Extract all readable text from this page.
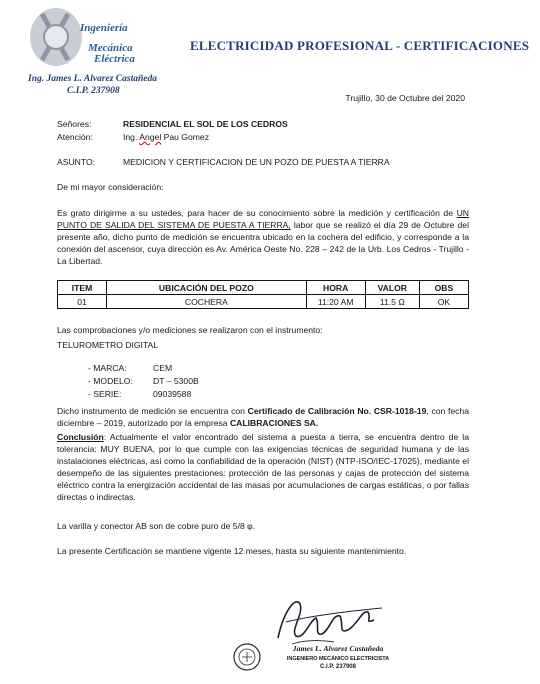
Ingeniería
Mecánica
Eléctrica
ELECTRICIDAD PROFESIONAL - CERTIFICACIONES
Ing. James L. Alvarez Castañeda
C.I.P. 237908
Trujillo, 30 de Octubre del 2020
Señores:	RESIDENCIAL EL SOL DE LOS CEDROS
Atención:	Ing. Angel Pau Gomez
ASUNTO:	MEDICION Y CERTIFICACION DE UN POZO DE PUESTA A TIERRA
De mi mayor consideración:
Es grato dirigirme a su ustedes, para hacer de su conocimiento sobre la medición y certificación de UN PUNTO DE SALIDA DEL SISTEMA DE PUESTA A TIERRA, labor que se realizó el día 29 de Octubre del presente año, dicho punto de medición se encuentra ubicado en la cochera del edificio, y corresponde a la conexión del ascensor, cuya dirección es Av. América Oeste No. 228 – 242 de la Urb. Los Cedros - Trujillo - La Libertad.
ITEM	UBICACIÓN DEL POZO	HORA	VALOR	OBS
01	COCHERA	11:20 AM	11.5 Ω	OK
Las comprobaciones y/o mediciones se realizaron con el instrumento:
TELUROMETRO DIGITAL
- MARCA:	CEM
- MODELO: DT – 5300B
- SERIE:	09039588
Dicho instrumento de medición se encuentra con Certificado de Calibración No. CSR-1018-19, con fecha diciembre – 2019, autorizado por la empresa CALIBRACIONES SA.
Conclusión: Actualmente el valor encontrado del sistema a puesta a tierra, se encuentra dentro de la tolerancia: MUY BUENA, por lo que cumple con las exigencias técnicas de seguridad humana y de las instalaciones eléctricas, así como la confiabilidad de la operación (NIST) (NTP-ISO/IEC-17025), mediante el desempeño de las siguientes prestaciones: protección de las personas y cajas de protección del sistema eléctrico contra la energización accidental de las masas por acumulaciones de cargas estáticas, o por fallas directas o indirectas.
La varilla y conector AB son de cobre puro de 5/8 φ.
La presente Certificación se mantiene vigente 12 meses, hasta su siguiente mantenimiento.
James L. Alvarez Castañeda
INGENIERO MECÁNICO ELECTRICISTA
C.I.P. 237908
